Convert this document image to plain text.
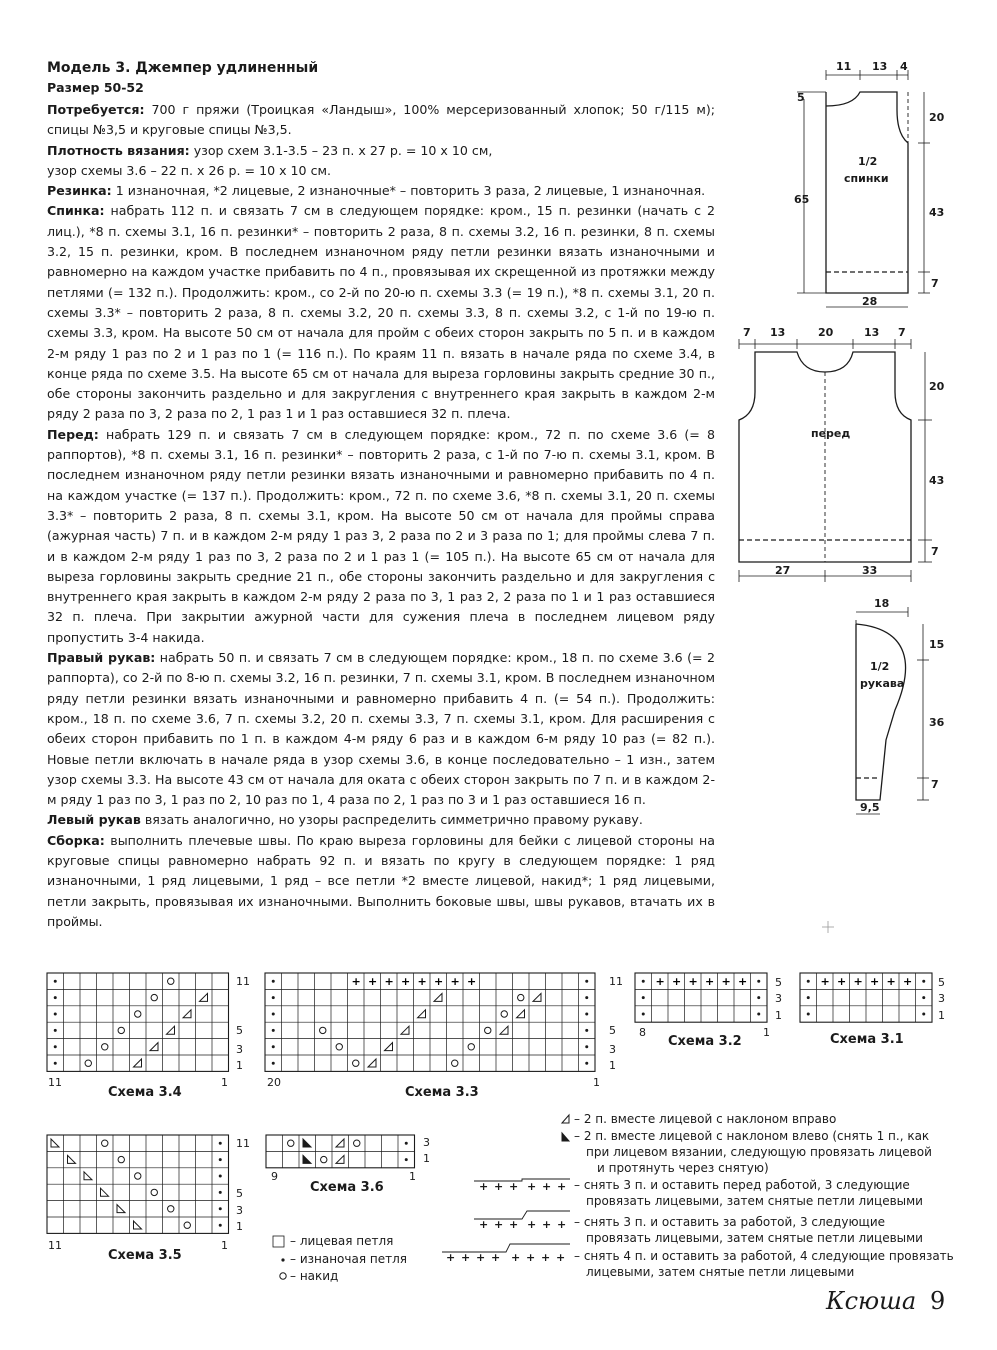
Модель 3. Джемпер удлиненный
Размер 50-52

Потребуется: 700 г пряжи (Троицкая «Ландыш», 100% мерсеризованный хлопок; 50 г/115 м); спицы №3,5 и круговые спицы №3,5.

Плотность вязания: узор схем 3.1-3.5 – 23 п. х 27 р. = 10 х 10 см,
узор схемы 3.6 – 22 п. х 26 р. = 10 х 10 см.

Резинка: 1 изнаночная, *2 лицевые, 2 изнаночные* – повторить 3 раза, 2 лицевые, 1 изнаночная.

Спинка: набрать 112 п. и связать 7 см в следующем порядке: кром., 15 п. резинки (начать с 2 лиц.), *8 п. схемы 3.1, 16 п. резинки* – повторить 2 раза, 8 п. схемы 3.2, 16 п. резинки, 8 п. схемы 3.2, 15 п. резинки, кром. В последнем изнаночном ряду петли резинки вязать изнаночными и равномерно на каждом участке прибавить по 4 п., провязывая их скрещенной из протяжки между петлями (= 132 п.). Продолжить: кром., со 2-й по 20-ю п. схемы 3.3 (= 19 п.), *8 п. схемы 3.1, 20 п. схемы 3.3* – повторить 2 раза, 8 п. схемы 3.2, 20 п. схемы 3.3, 8 п. схемы 3.2, с 1-й по 19-ю п. схемы 3.3, кром. На высоте 50 см от начала для пройм с обеих сторон закрыть по 5 п. и в каждом 2-м ряду 1 раз по 2 и 1 раз по 1 (= 116 п.). По краям 11 п. вязать в начале ряда по схеме 3.4, в конце ряда по схеме 3.5. На высоте 65 см от начала для выреза горловины закрыть средние 30 п., обе стороны закончить раздельно и для закругления с внутреннего края закрыть в каждом 2-м ряду 2 раза по 3, 2 раза по 2, 1 раз 1 и 1 раз оставшиеся 32 п. плеча.

Перед: набрать 129 п. и связать 7 см в следующем порядке: кром., 72 п. по схеме 3.6 (= 8 раппортов), *8 п. схемы 3.1, 16 п. резинки* – повторить 2 раза, с 1-й по 7-ю п. схемы 3.1, кром. В последнем изнаночном ряду петли резинки вязать изнаночными и равномерно прибавить по 4 п. на каждом участке (= 137 п.). Продолжить: кром., 72 п. по схеме 3.6, *8 п. схемы 3.1, 20 п. схемы 3.3* – повторить 2 раза, 8 п. схемы 3.1, кром. На высоте 50 см от начала для проймы справа (ажурная часть) 7 п. и в каждом 2-м ряду 1 раз 3, 2 раза по 2 и 3 раза по 1; для проймы слева 7 п. и в каждом 2-м ряду 1 раз по 3, 2 раза по 2 и 1 раз 1 (= 105 п.). На высоте 65 см от начала для выреза горловины закрыть средние 21 п., обе стороны закончить раздельно и для закругления с внутреннего края закрыть в каждом 2-м ряду 2 раза по 3, 1 раз 2, 2 раза по 1 и 1 раз оставшиеся 32 п. плеча. При закрытии ажурной части для сужения плеча в последнем лицевом ряду пропустить 3-4 накида.

Правый рукав: набрать 50 п. и связать 7 см в следующем порядке: кром., 18 п. по схеме 3.6 (= 2 раппорта), со 2-й по 8-ю п. схемы 3.2, 16 п. резинки, 7 п. схемы 3.1, кром. В последнем изнаночном ряду петли резинки вязать изнаночными и равномерно прибавить 4 п. (= 54 п.). Продолжить: кром., 18 п. по схеме 3.6, 7 п. схемы 3.2, 20 п. схемы 3.3, 7 п. схемы 3.1, кром. Для расширения с обеих сторон прибавить по 1 п. в каждом 4-м ряду 6 раз и в каждом 6-м ряду 10 раз (= 82 п.). Новые петли включать в начале ряда в узор схемы 3.6, в конце последовательно – 1 изн., затем узор схемы 3.3. На высоте 43 см от начала для оката с обеих сторон закрыть по 7 п. и в каждом 2-м ряду 1 раз по 3, 1 раз по 2, 10 раз по 1, 4 раза по 2, 1 раз по 3 и 1 раз оставшиеся 16 п.

Левый рукав вязать аналогично, но узоры распределить симметрично правому рукаву.

Сборка: выполнить плечевые швы. По краю выреза горловины для бейки с лицевой стороны на круговые спицы равномерно набрать 92 п. и вязать по кругу в следующем порядке: 1 ряд изнаночными, 1 ряд лицевыми, 1 ряд – все петли *2 вместе лицевой, накид*; 1 ряд лицевыми, петли закрыть, провязывая их изнаночными. Выполнить боковые швы, швы рукавов, втачать их в проймы.

11 13 4
5
20
65
43
7
28
1/2
спинки
7 13	20	13 7
20
43
7
27	33
перед
18
15
36
7
9,5
1/2
рукава
+ + + + + + + +	+ + + + + +	+ + + + + +
11
5
3
1
11	1
11
5
3
1
20	1
5
3
1
8	1
5
3
1
11
5
3
1
11	1
3
1
9	1
+ + + + + +
+ + + + + +
+ + + + + + + +
Схема 3.4	Схема 3.3
Схема 3.2	Схема 3.1
Схема 3.5
Схема 3.6
– лицевая петля
– изнаночая петля
– накид
– 2 п. вместе лицевой с наклоном вправо
– 2 п. вместе лицевой с наклоном влево (снять 1 п., как
при лицевом вязании, следующую провязать лицевой
и протянуть через снятую)
– снять 3 п. и оставить перед работой, 3 следующие
провязать лицевыми, затем снятые петли лицевыми
– снять 3 п. и оставить за работой, 3 следующие
провязать лицевыми, затем снятые петли лицевыми
– снять 4 п. и оставить за работой, 4 следующие провязать
лицевыми, затем снятые петли лицевыми
Ксюша 9
